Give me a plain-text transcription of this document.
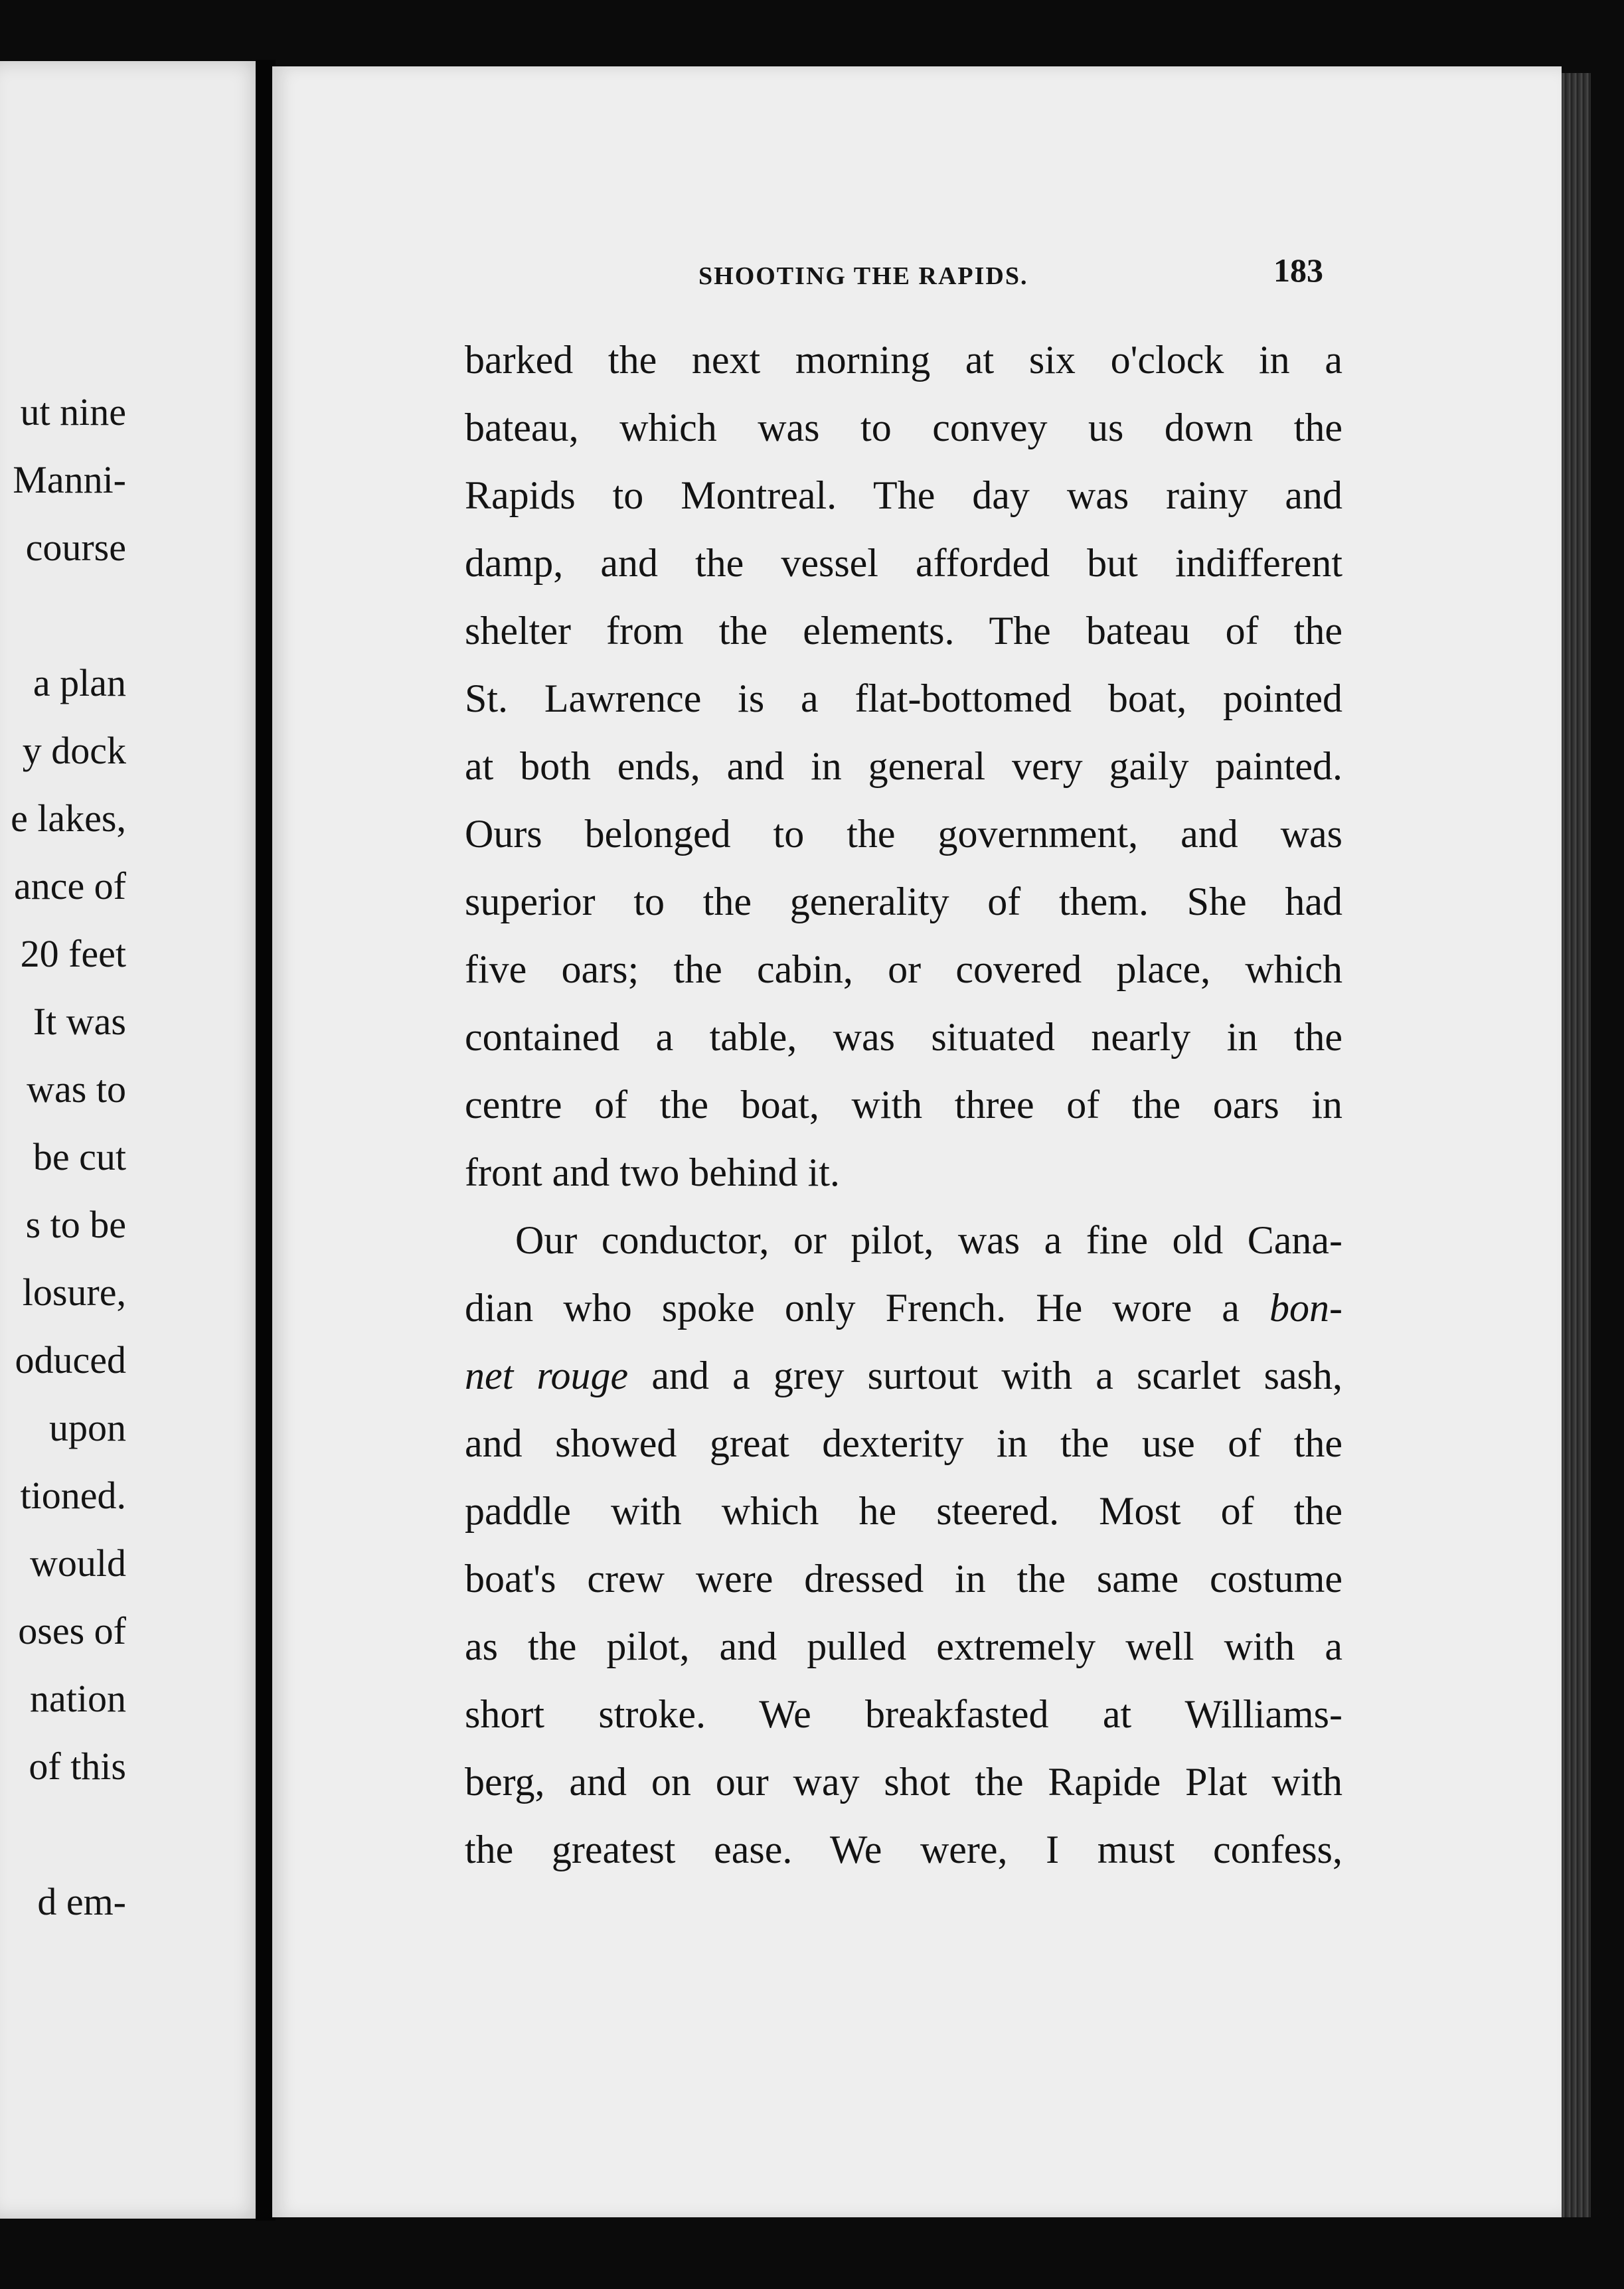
ut nine
Manni-
course
a plan
y dock
e lakes,
ance of
20 feet
It was
was to
be cut
s to be
losure,
oduced
upon
tioned.
would
oses of
nation
of this
d em-
SHOOTING THE RAPIDS.	183
barked the next morning at six o'clock in a
bateau, which was to convey us down the
Rapids to Montreal. The day was rainy and
damp, and the vessel afforded but indifferent
shelter from the elements. The bateau of the
St. Lawrence is a flat-bottomed boat, pointed
at both ends, and in general very gaily painted.
Ours belonged to the government, and was
superior to the generality of them. She had
five oars; the cabin, or covered place, which
contained a table, was situated nearly in the
centre of the boat, with three of the oars in
front and two behind it.
Our conductor, or pilot, was a fine old Cana-
dian who spoke only French. He wore a bon-
net rouge and a grey surtout with a scarlet sash,
and showed great dexterity in the use of the
paddle with which he steered. Most of the
boat's crew were dressed in the same costume
as the pilot, and pulled extremely well with a
short stroke. We breakfasted at Williams-
berg, and on our way shot the Rapide Plat with
the greatest ease. We were, I must confess,
